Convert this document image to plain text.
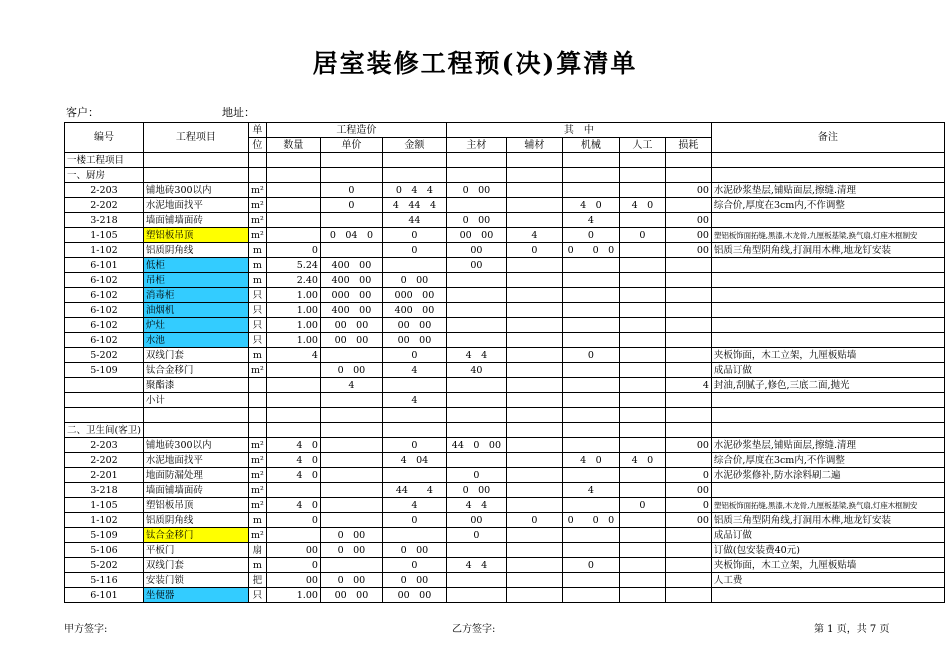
居室装修工程预(决)算清单
客户：	地址：
编号	工程项目	单	工程造价			其　中					备注
		位	数量	单价	金额	主材	辅材	机械	人工	损耗	
一楼工程项目											
一、厨房											
2-203	铺地砖300以内	m²		0	0　4　4	0　00				00	水泥砂浆垫层,铺贴面层,擦缝.清理
2-202	水泥地面找平	m²		0	4　44　4			4　0	4　0		综合价,厚度在3cm内,不作调整
3-218	墙面铺墙面砖	m²			44	0　00		4		00	
1-105	塑铝板吊顶	m²		0　04　0	0	00　00	4	0	0	00	塑铝板饰面拓缝,黑漆,木龙骨,九厘板基梁,换气扇,灯座木框制安
1-102	铝质阴角线	m	0		0	00	0	0　　0　0		00	铝质三角型阴角线,打洞用木榫,地龙钉安装
6-101	低柜	m	5.24	400　00		00					
6-102	吊柜	m	2.40	400　00	0　00						
6-102	消毒柜	只	1.00	000　00	000　00						
6-102	油烟机	只	1.00	400　00	400　00						
6-102	炉灶	只	1.00	00　00	00　00						
6-102	水池	只	1.00	00　00	00　00						
5-202	双线门套	m	4		0	4　4		0			夹板饰面，木工立架，九厘板贴墙
5-109	钛合金移门	m²		0　00	4	40					成品订做
	聚酯漆			4						4	封油,刮腻子,修色,三底二面,抛光
	小计				4						

二、卫生间(客卫)											
2-203	铺地砖300以内	m²	4　0		0	44　0　00				00	水泥砂浆垫层,铺贴面层,擦缝.清理
2-202	水泥地面找平	m²	4　0		4　04			4　0	4　0		综合价,厚度在3cm内,不作调整
2-201	地面防漏处理	m²	4　0			0				0	水泥砂浆修补,防水涂料刷二遍
3-218	墙面铺墙面砖	m²			44　　4	0　00		4		00	
1-105	塑铝板吊顶	m²	4　0		4	4　4			0	0	塑铝板饰面拓缝,黑漆,木龙骨,九厘板基梁,换气扇,灯座木框制安
1-102	铝质阴角线	m	0		0	00	0	0　　0　0		00	铝质三角型阴角线,打洞用木榫,地龙钉安装
5-109	钛合金移门	m²		0　00		0					成品订做
5-106	平板门	扇	00	0　00	0　00						订做(包安装费40元)
5-202	双线门套	m	0		0	4　4		0			夹板饰面，木工立架，九厘板贴墙
5-116	安装门锁	把	00	0　00	0　00						人工费
6-101	坐便器	只	1.00	00　00	00　00						
甲方签字:	乙方签字:	第 1 页，共 7 页
